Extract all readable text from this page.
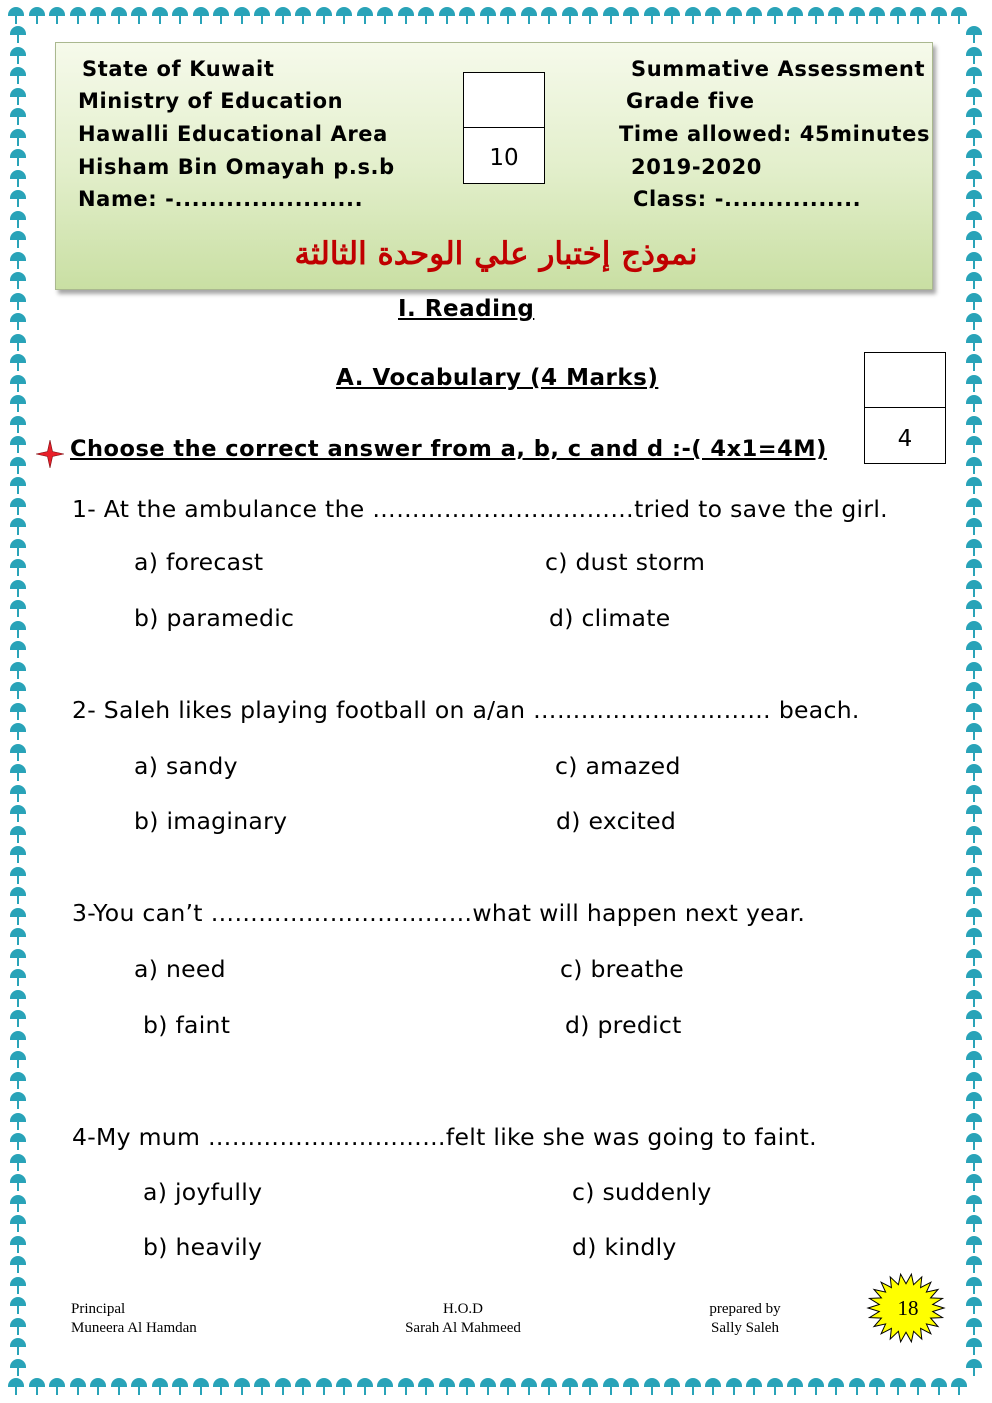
State of Kuwait
Ministry of Education
Hawalli Educational Area
Hisham Bin Omayah p.s.b
Name: -......................
Summative Assessment
Grade five
Time allowed: 45minutes
2019-2020
Class: -................
10
نموذج إختبار علي الوحدة الثالثة
I. Reading
A. Vocabulary (4 Marks)
4
Choose the correct answer from a, b, c and d :-( 4x1=4M)
1- At the ambulance the ……………………………tried to save the girl.
a) forecast	c) dust storm
b) paramedic	d) climate
2- Saleh likes playing football on a/an ………………………… beach.
a) sandy	c) amazed
b) imaginary	d) excited
3-You can’t ……………………………what will happen next year.
a) need	c) breathe
b) faint	d) predict
4-My mum …………………………felt like she was going to faint.
a) joyfully	c) suddenly
b) heavily	d) kindly
Principal
Muneera Al Hamdan
H.O.D
Sarah Al Mahmeed
prepared by
Sally Saleh
18
